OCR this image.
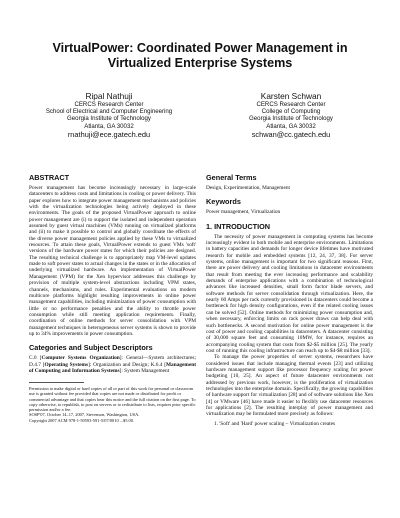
VirtualPower: Coordinated Power Management in
Virtualized Enterprise Systems
Ripal Nathuji
CERCS Research Center
School of Electrical and Computer Engineering
Georgia Institute of Technology
Atlanta, GA 30032
rnathuji@ece.gatech.edu
Karsten Schwan
CERCS Research Center
College of Computing
Georgia Institute of Technology
Atlanta, GA 30032
schwan@cc.gatech.edu
ABSTRACT

Power management has become increasingly necessary in large-scale datacenters to address costs and limitations in cooling or power delivery. This paper explores how to integrate power management mechanisms and policies with the virtualization technologies being actively deployed in these environments. The goals of the proposed VirtualPower approach to online power management are (i) to support the isolated and independent operation assumed by guest virtual machines (VMs) running on virtualized platforms and (ii) to make it possible to control and globally coordinate the effects of the diverse power management policies applied by these VMs to virtualized resources. To attain these goals, VirtualPower extends to guest VMs 'soft' versions of the hardware power states for which their policies are designed. The resulting technical challenge is to appropriately map VM-level updates made to soft power states to actual changes in the states or in the allocation of underlying virtualized hardware. An implementation of VirtualPower Management (VPM) for the Xen hypervisor addresses this challenge by provision of multiple system-level abstractions including VPM states, channels, mechanisms, and rules. Experimental evaluations on modern multicore platforms highlight resulting improvements in online power management capabilities, including minimization of power consumption with little or no performance penalties and the ability to throttle power consumption while still meeting application requirements. Finally, coordination of online methods for server consolidation with VPM management techniques in heterogeneous server systems is shown to provide up to 34% improvements in power consumption.

Categories and Subject Descriptors

C.0 [Computer Systems Organization]: General—System architectures; D.4.7 [Operating Systems]: Organization and Design; K.6.4 [Management of Computing and Information Systems]: System Management

Permission to make digital or hard copies of all or part of this work for personal or classroom use is granted without fee provided that copies are not made or distributed for profit or commercial advantage and that copies bear this notice and the full citation on the first page. To copy otherwise, to republish, to post on servers or to redistribute to lists, requires prior specific permission and/or a fee.

SOSP'07, October 14–17, 2007, Stevenson, Washington, USA.

Copyright 2007 ACM 978-1-59593-591-5/07/0010 ...$5.00.

General Terms

Design, Experimentation, Management

Keywords

Power management, Virtualization

1. INTRODUCTION

The necessity of power management in computing systems has become increasingly evident in both mobile and enterprise environments. Limitations in battery capacities and demands for longer device lifetimes have motivated research for mobile and embedded systems [12, 24, 37, 38]. For server systems, online management is important for two significant reasons. First, there are power delivery and cooling limitations in datacenter environments that result from meeting the ever increasing performance and scalability demands of enterprise applications with a combination of technological advances like increased densities, small form factor blade servers, and software methods for server consolidation through virtualization. Here, the nearly 60 Amps per rack currently provisioned in datacenters could become a bottleneck for high density configurations, even if the related cooling issues can be solved [52]. Online methods for minimizing power consumption and, when necessary, enforcing limits on rack power draws can help deal with such bottlenecks. A second motivation for online power management is the cost of power and cooling capabilities in datacenters. A datacenter consisting of 30,000 square feet and consuming 10MW, for instance, requires an accompanying cooling system that costs from $2-$5 million [25]. The yearly cost of running this cooling infrastructure can reach up to $4-$8 million [33].

To manage the power properties of server systems, researchers have considered issues that include managing thermal events [23] and utilizing hardware management support like processor frequency scaling for power budgeting [10, 25]. An aspect of future datacenter environments not addressed by previous work, however, is the proliferation of virtualization technologies into the enterprise domain. Specifically, the growing capabilities of hardware support for virtualization [28] and of software solutions like Xen [4] or VMware [46] have made it easier to flexibly use datacenter resources for applications [2]. The resulting interplay of power management and virtualization may be formulated more precisely as follows:

1. 'Soft' and 'Hard' power scaling – Virtualization creates
